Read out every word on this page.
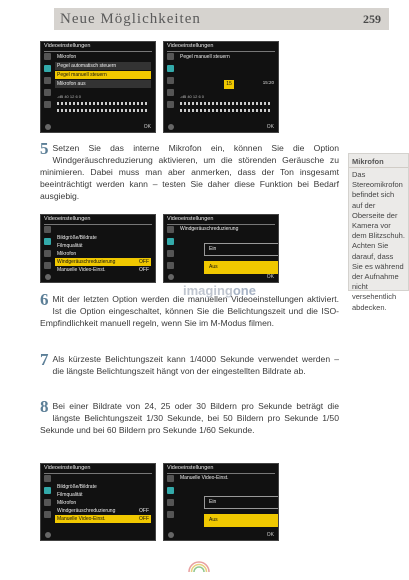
Neue Möglichkeiten	259
Videoeinstellungen
Mikrofon
Pegel automatisch steuern
Pegel manuell steuern
Mikrofon aus
-dB 40 12 6 0
OK
Videoeinstellungen
Pegel manuell steuern
15	15:20
-dB 40 12 6 0
OK
5 Setzen Sie das interne Mikrofon ein, können Sie die Option Windgeräuschreduzierung aktivieren, um die störenden Geräusche zu minimieren. Dabei muss man aber anmerken, dass der Ton insgesamt beeinträchtigt werden kann – testen Sie daher diese Funktion bei Bedarf ausgiebig.
Mikrofon
Das Stereomikrofon befindet sich auf der Oberseite der Kamera vor dem Blitzschuh. Achten Sie darauf, dass Sie es während der Aufnahme nicht versehentlich abdecken.
Videoeinstellungen
Bildgröße/Bildrate
Filmqualität
Mikrofon
Windgeräuschreduzierung	OFF
Manuelle Video-Einst.	OFF
Videoeinstellungen
Windgeräuschreduzierung
Ein
Aus
OK
imagingone
6 Mit der letzten Option werden die manuellen Videoeinstellungen aktiviert. Ist die Option eingeschaltet, können Sie die Belichtungszeit und die ISO-Empfindlichkeit manuell regeln, wenn Sie im M-Modus filmen.
7 Als kürzeste Belichtungszeit kann 1/4000 Sekunde verwendet werden – die längste Belichtungszeit hängt von der eingestellten Bildrate ab.
8 Bei einer Bildrate von 24, 25 oder 30 Bildern pro Sekunde beträgt die längste Belichtungszeit 1/30 Sekunde, bei 50 Bildern pro Sekunde 1/50 Sekunde und bei 60 Bildern pro Sekunde 1/60 Sekunde.
Videoeinstellungen
Bildgröße/Bildrate
Filmqualität
Mikrofon
Windgeräuschreduzierung	OFF
Manuelle Video-Einst.	OFF
Videoeinstellungen
Manuelle Video-Einst.
Ein
Aus
OK
